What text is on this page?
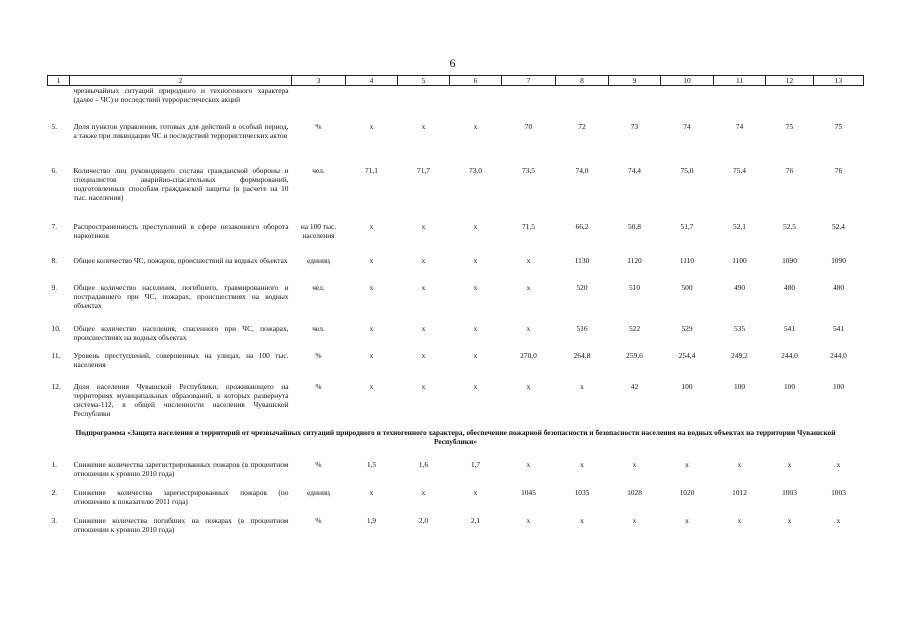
6
1	2	3	4	5	6	7	8	9	10	11	12	13
	чрезвычайных ситуаций природного и техногенного характера (далее – ЧС) и последствий террористических акций											
5.	Доля пунктов управления, готовых для действий в особый период, а также при ликвидации ЧС и последствий террористических актов	%	х	х	х	70	72	73	74	74	75	75
6.	Количество лиц руководящего состава гражданской обороны и специалистов аварийно-спасательных формирований, подготовленных способам гражданской защиты (в расчете на 10 тыс. населения)	чел.	71,1	71,7	73,0	73,5	74,0	74,4	75,0	75,4	76	76
7.	Распространенность преступлений в сфере незаконного оборота наркотиков	на 100 тыс. населения	х	х	х	71,5	66,2	50,8	51,7	52,1	52,5	52,4
8.	Общее количество ЧС, пожаров, происшествий на водных объектах	единиц	х	х	х	х	1130	1120	1110	1100	1090	1090
9.	Общее количество населения, погибшего, травмированного и пострадавшего при ЧС, пожарах, происшествиях на водных объектах	чел.	х	х	х	х	520	510	500	490	480	480
10.	Общее количество населения, спасенного при ЧС, пожарах, происшествиях на водных объектах	чел.	х	х	х	х	516	522	529	535	541	541
11.	Уровень преступлений, совершенных на улицах, на 100 тыс. населения	%	х	х	х	270,0	264,8	259,6	254,4	249,2	244,0	244,0
12.	Доля населения Чувашской Республики, проживающего на территориях муниципальных образований, в которых развернута система-112, в общей численности населения Чувашской Республики	%	х	х	х	х	х	42	100	100	100	100
Подпрограмма «Защита населения и территорий от чрезвычайных ситуаций природного и техногенного характера, обеспечение пожарной безопасности и безопасности населения на водных объектах на территории Чувашской Республики»												
1.	Снижение количества зарегистрированных пожаров (в процентном отношении к уровню 2010 года)	%	1,5	1,6	1,7	х	х	х	х	х	х	х
2.	Снижение количества зарегистрированных пожаров (по отношению к показателю 2011 года)	единиц	х	х	х	1045	1035	1028	1020	1012	1003	1003
3.	Снижение количества погибших на пожарах (в процентном отношении к уровню 2010 года)	%	1,9	2,0	2,1	х	х	х	х	х	х	х
